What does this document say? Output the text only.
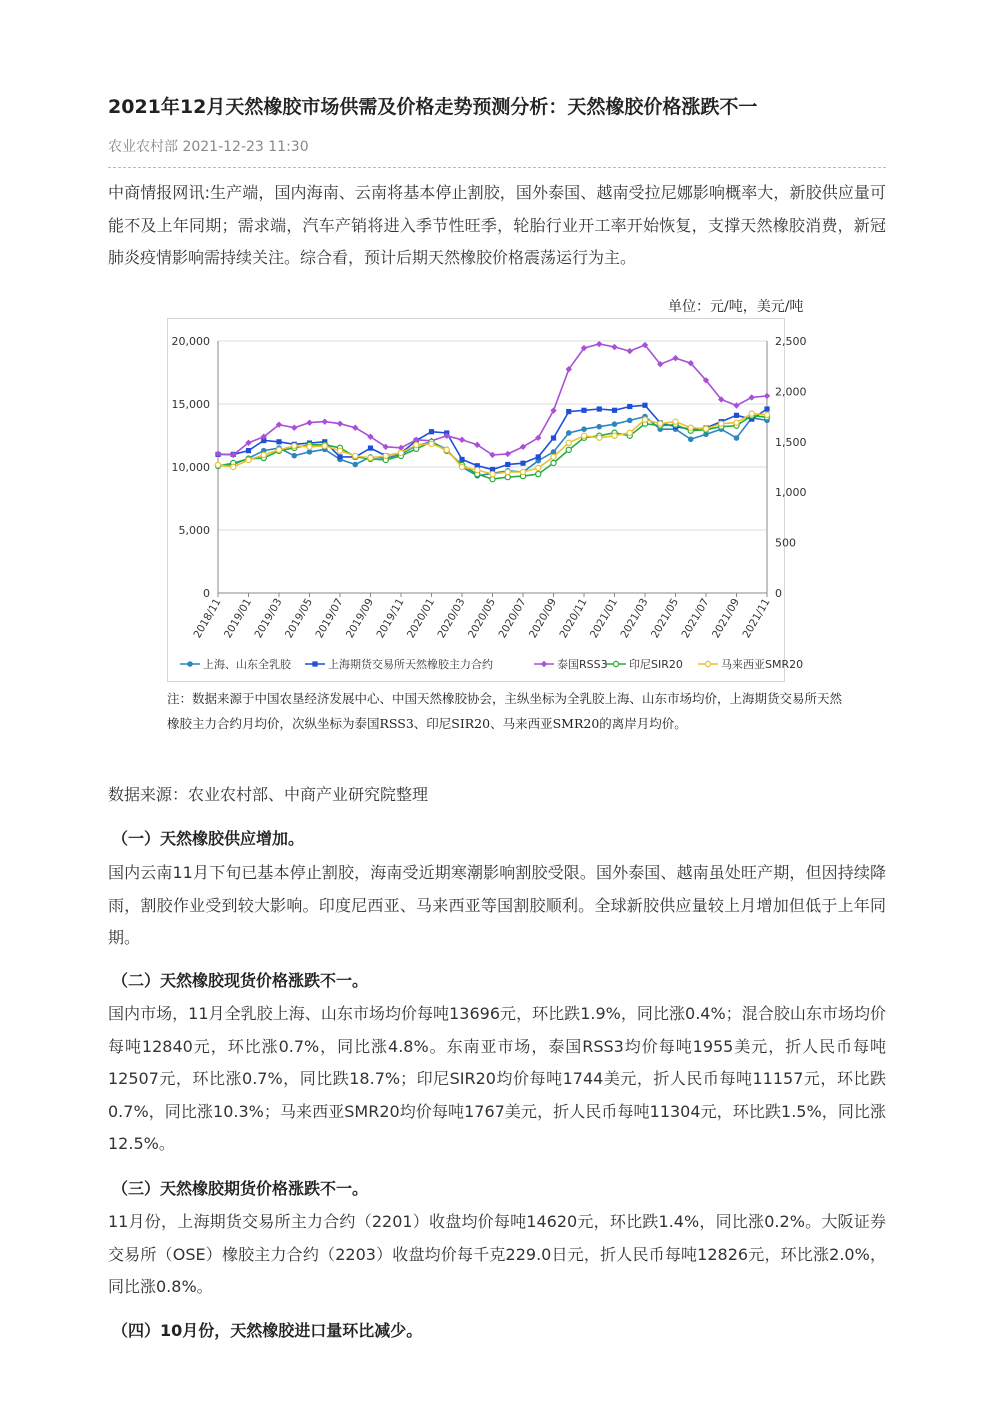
2021年12月天然橡胶市场供需及价格走势预测分析：天然橡胶价格涨跌不一
农业农村部 2021-12-23 11:30

中商情报网讯:生产端，国内海南、云南将基本停止割胶，国外泰国、越南受拉尼娜影响概率大，新胶供应量可能不及上年同期；需求端，汽车产销将进入季节性旺季，轮胎行业开工率开始恢复，支撑天然橡胶消费，新冠肺炎疫情影响需持续关注。综合看，预计后期天然橡胶价格震荡运行为主。

单位：元/吨，美元/吨
0
5,000
10,000
15,000
20,000
0
500
1,000
1,500
2,000
2,500
2018/11
2019/01
2019/03
2019/05
2019/07
2019/09
2019/11
2020/01
2020/03
2020/05
2020/07
2020/09
2020/11
2021/01
2021/03
2021/05
2021/07
2021/09
2021/11
上海、山东全乳胶	上海期货交易所天然橡胶主力合约	泰国RSS3 印尼SIR20	马来西亚SMR20
注：数据来源于中国农垦经济发展中心、中国天然橡胶协会，主纵坐标为全乳胶上海、山东市场均价，上海期货交易所天然橡胶主力合约月均价，次纵坐标为泰国RSS3、印尼SIR20、马来西亚SMR20的离岸月均价。

数据来源：农业农村部、中商产业研究院整理

（一）天然橡胶供应增加。

国内云南11月下旬已基本停止割胶，海南受近期寒潮影响割胶受限。国外泰国、越南虽处旺产期，但因持续降雨，割胶作业受到较大影响。印度尼西亚、马来西亚等国割胶顺利。全球新胶供应量较上月增加但低于上年同期。

（二）天然橡胶现货价格涨跌不一。

国内市场，11月全乳胶上海、山东市场均价每吨13696元，环比跌1.9%，同比涨0.4%；混合胶山东市场均价每吨12840元，环比涨0.7%，同比涨4.8%。东南亚市场，泰国RSS3均价每吨1955美元，折人民币每吨12507元，环比涨0.7%，同比跌18.7%；印尼SIR20均价每吨1744美元，折人民币每吨11157元，环比跌0.7%，同比涨10.3%；马来西亚SMR20均价每吨1767美元，折人民币每吨11304元，环比跌1.5%，同比涨12.5%。

（三）天然橡胶期货价格涨跌不一。

11月份，上海期货交易所主力合约（2201）收盘均价每吨14620元，环比跌1.4%，同比涨0.2%。大阪证券交易所（OSE）橡胶主力合约（2203）收盘均价每千克229.0日元，折人民币每吨12826元，环比涨2.0%，同比涨0.8%。

（四）10月份，天然橡胶进口量环比减少。
